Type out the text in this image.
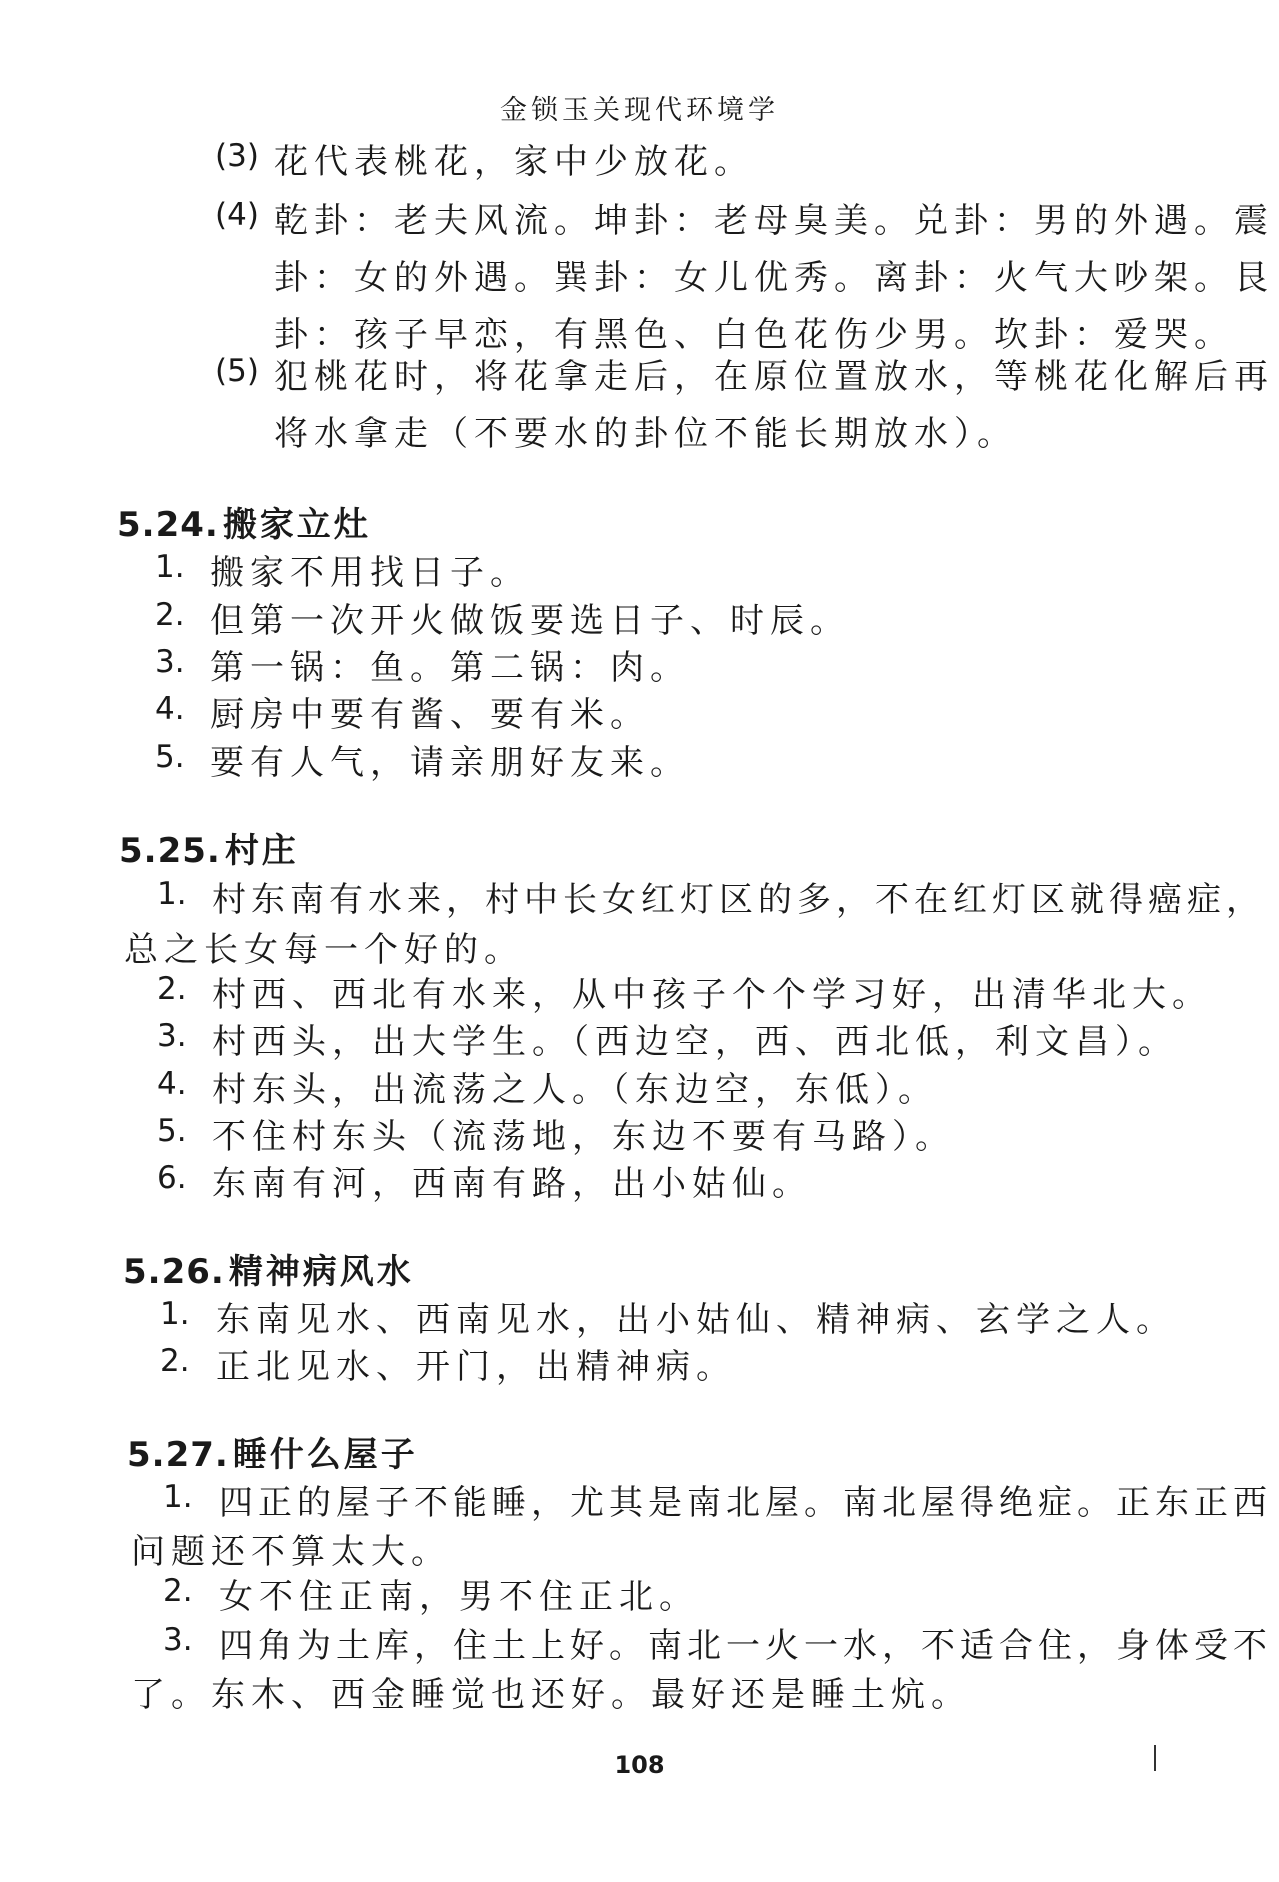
金锁玉关现代环境学
(3) 花代表桃花，家中少放花。
(4) 乾卦：老夫风流。坤卦：老母臭美。兑卦：男的外遇。震
卦：女的外遇。巽卦：女儿优秀。离卦：火气大吵架。艮
卦：孩子早恋，有黑色、白色花伤少男。坎卦：爱哭。
(5) 犯桃花时，将花拿走后，在原位置放水，等桃花化解后再
将水拿走（不要水的卦位不能长期放水）。
5.24. 搬家立灶
1. 搬家不用找日子。
2. 但第一次开火做饭要选日子、时辰。
3. 第一锅：鱼。第二锅：肉。
4. 厨房中要有酱、要有米。
5. 要有人气，请亲朋好友来。
5.25. 村庄
1. 村东南有水来，村中长女红灯区的多，不在红灯区就得癌症，
总之长女每一个好的。
2. 村西、西北有水来，从中孩子个个学习好，出清华北大。
3. 村西头，出大学生。（西边空，西、西北低，利文昌）。
4. 村东头，出流荡之人。（东边空，东低）。
5. 不住村东头（流荡地，东边不要有马路）。
6. 东南有河，西南有路，出小姑仙。
5.26. 精神病风水
1. 东南见水、西南见水，出小姑仙、精神病、玄学之人。
2. 正北见水、开门，出精神病。
5.27. 睡什么屋子
1. 四正的屋子不能睡，尤其是南北屋。南北屋得绝症。正东正西
问题还不算太大。
2. 女不住正南，男不住正北。
3. 四角为土库，住土上好。南北一火一水，不适合住，身体受不
了。东木、西金睡觉也还好。最好还是睡土炕。
108
